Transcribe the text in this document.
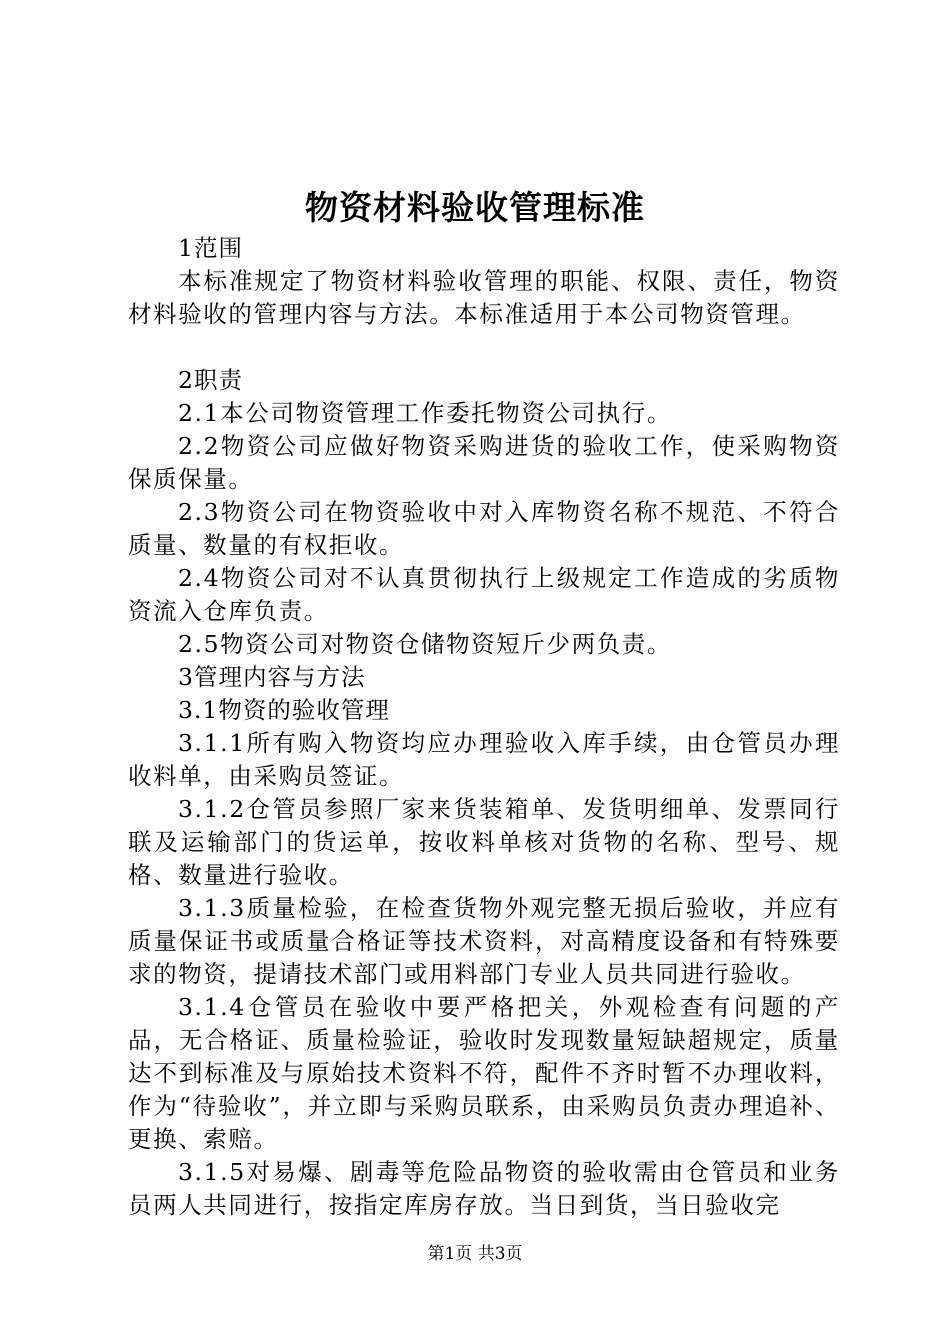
物资材料验收管理标准

1范围

本标准规定了物资材料验收管理的职能、权限、责任，物资材料验收的管理内容与方法。本标准适用于本公司物资管理。

2职责

2.1本公司物资管理工作委托物资公司执行。

2.2物资公司应做好物资采购进货的验收工作，使采购物资保质保量。

2.3物资公司在物资验收中对入库物资名称不规范、不符合质量、数量的有权拒收。

2.4物资公司对不认真贯彻执行上级规定工作造成的劣质物资流入仓库负责。

2.5物资公司对物资仓储物资短斤少两负责。

3管理内容与方法

3.1物资的验收管理

3.1.1所有购入物资均应办理验收入库手续，由仓管员办理收料单，由采购员签证。

3.1.2仓管员参照厂家来货装箱单、发货明细单、发票同行联及运输部门的货运单，按收料单核对货物的名称、型号、规格、数量进行验收。

3.1.3质量检验，在检查货物外观完整无损后验收，并应有质量保证书或质量合格证等技术资料，对高精度设备和有特殊要求的物资，提请技术部门或用料部门专业人员共同进行验收。

3.1.4仓管员在验收中要严格把关，外观检查有问题的产品，无合格证、质量检验证，验收时发现数量短缺超规定，质量达不到标准及与原始技术资料不符，配件不齐时暂不办理收料，作为“待验收”，并立即与采购员联系，由采购员负责办理追补、更换、索赔。

3.1.5对易爆、剧毒等危险品物资的验收需由仓管员和业务员两人共同进行，按指定库房存放。当日到货，当日验收完

第1页 共3页
